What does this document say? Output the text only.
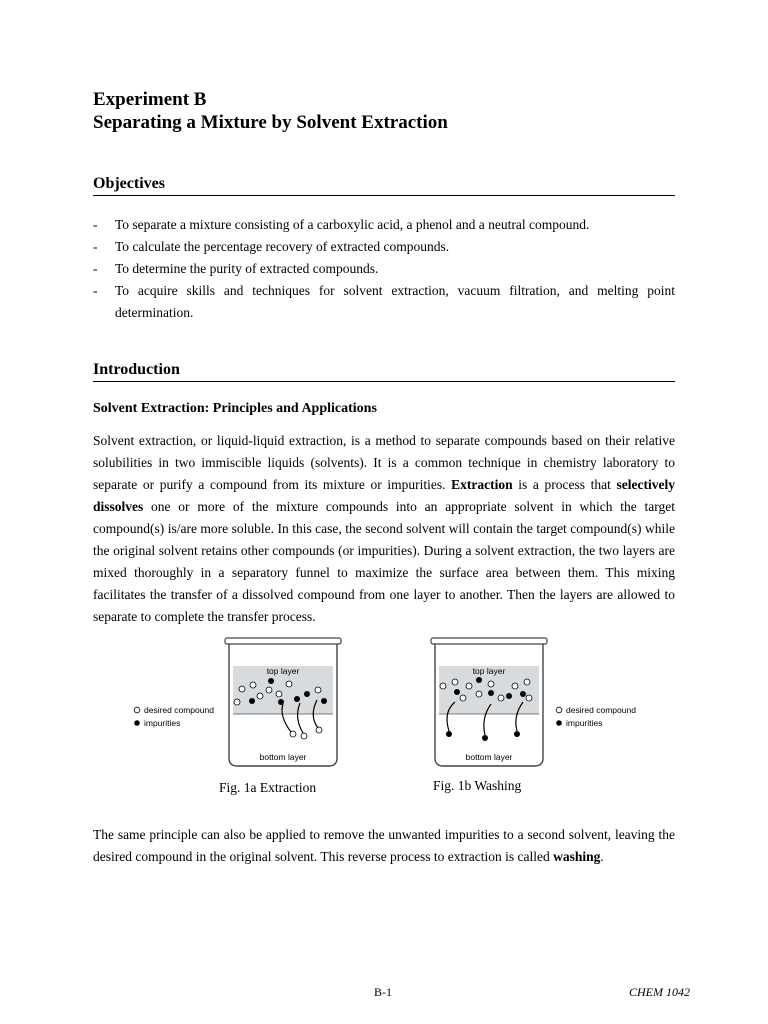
Experiment B
Separating a Mixture by Solvent Extraction
Objectives
- To separate a mixture consisting of a carboxylic acid, a phenol and a neutral compound.
- To calculate the percentage recovery of extracted compounds.
- To determine the purity of extracted compounds.
- To acquire skills and techniques for solvent extraction, vacuum filtration, and melting point determination.
Introduction
Solvent Extraction: Principles and Applications

Solvent extraction, or liquid-liquid extraction, is a method to separate compounds based on their relative solubilities in two immiscible liquids (solvents). It is a common technique in chemistry laboratory to separate or purify a compound from its mixture or impurities. Extraction is a process that selectively dissolves one or more of the mixture compounds into an appropriate solvent in which the target compound(s) is/are more soluble. In this case, the second solvent will contain the target compound(s) while the original solvent retains other compounds (or impurities). During a solvent extraction, the two layers are mixed thoroughly in a separatory funnel to maximize the surface area between them. This mixing facilitates the transfer of a dissolved compound from one layer to another. Then the layers are allowed to separate to complete the transfer process.

top layer
bottom layer
desired compound
impurities
Fig. 1a Extraction
top layer
bottom layer
desired compound
impurities
Fig. 1b Washing

The same principle can also be applied to remove the unwanted impurities to a second solvent, leaving the desired compound in the original solvent. This reverse process to extraction is called washing.

B-1	CHEM 1042
